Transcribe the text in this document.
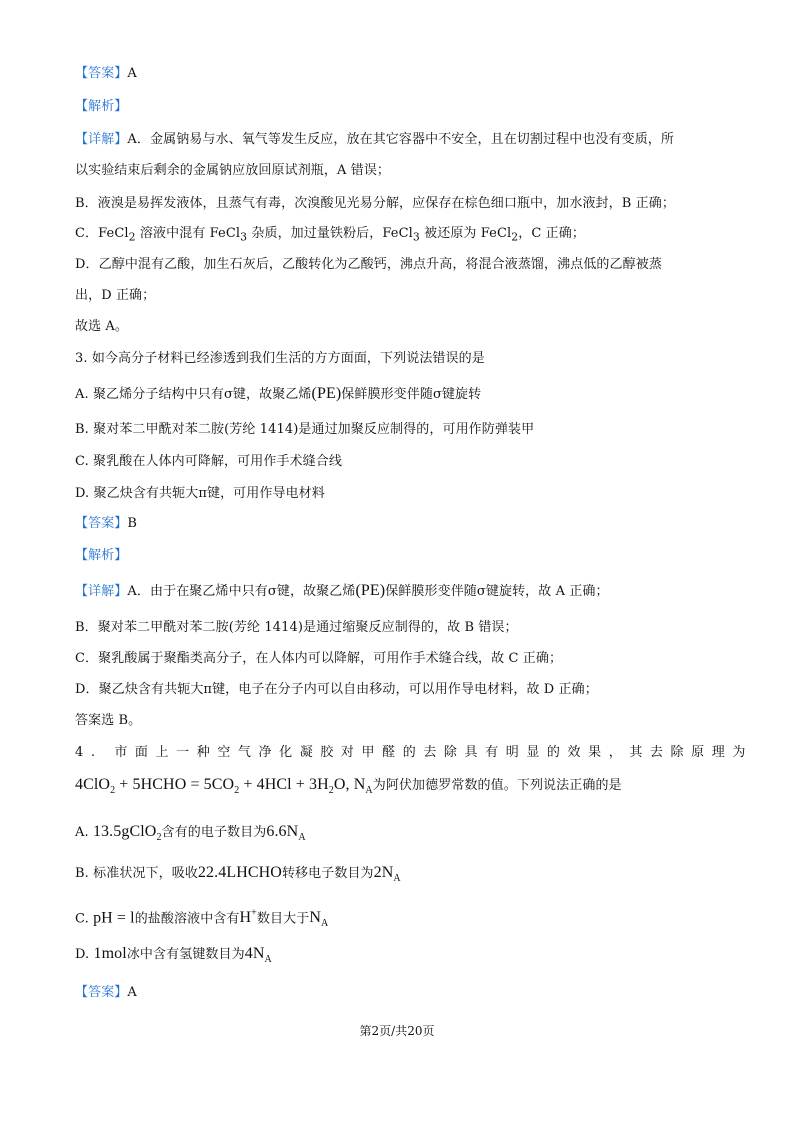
【答案】A
【解析】
【详解】A．金属钠易与水、氧气等发生反应，放在其它容器中不安全，且在切割过程中也没有变质，所
以实验结束后剩余的金属钠应放回原试剂瓶，A 错误；
B．液溴是易挥发液体，且蒸气有毒，次溴酸见光易分解，应保存在棕色细口瓶中，加水液封，B 正确；
C．FeCl$_2$ 溶液中混有 FeCl$_3$ 杂质，加过量铁粉后，FeCl$_3$ 被还原为 FeCl$_2$，C 正确；
D．乙醇中混有乙酸，加生石灰后，乙酸转化为乙酸钙，沸点升高，将混合液蒸馏，沸点低的乙醇被蒸
出，D 正确；
故选 A。
3. 如今高分子材料已经渗透到我们生活的方方面面，下列说法错误的是
A. 聚乙烯分子结构中只有σ键，故聚乙烯(PE)保鲜膜形变伴随σ键旋转
B. 聚对苯二甲酰对苯二胺(芳纶 1414)是通过加聚反应制得的，可用作防弹装甲
C. 聚乳酸在人体内可降解，可用作手术缝合线
D. 聚乙炔含有共轭大π键，可用作导电材料
【答案】B
【解析】
【详解】A．由于在聚乙烯中只有σ键，故聚乙烯(PE)保鲜膜形变伴随σ键旋转，故 A 正确；
B．聚对苯二甲酰对苯二胺(芳纶 1414)是通过缩聚反应制得的，故 B 错误；
C．聚乳酸属于聚酯类高分子，在人体内可以降解，可用作手术缝合线，故 C 正确；
D．聚乙炔含有共轭大π键，电子在分子内可以自由移动，可以用作导电材料，故 D 正确；
答案选 B。
4. 市面上一种空气净化凝胶对甲醛的去除具有明显的效果，其去除原理为
4ClO$_2$ + 5HCHO = $5CO_2 + 4HCl + 3H_2O$, $N_A$为阿伏加德罗常数的值。下列说法正确的是
A. 13.5gClO$_2$含有的电子数目为$6.6N_A$
B. 标准状况下，吸收22.4LHCHO转移电子数目为$2N_A$
C. pH = l的盐酸溶液中含有H+数目大于$N_A$
D. 1mol冰中含有氢键数目为$4N_A$
【答案】A
第2页/共20页
